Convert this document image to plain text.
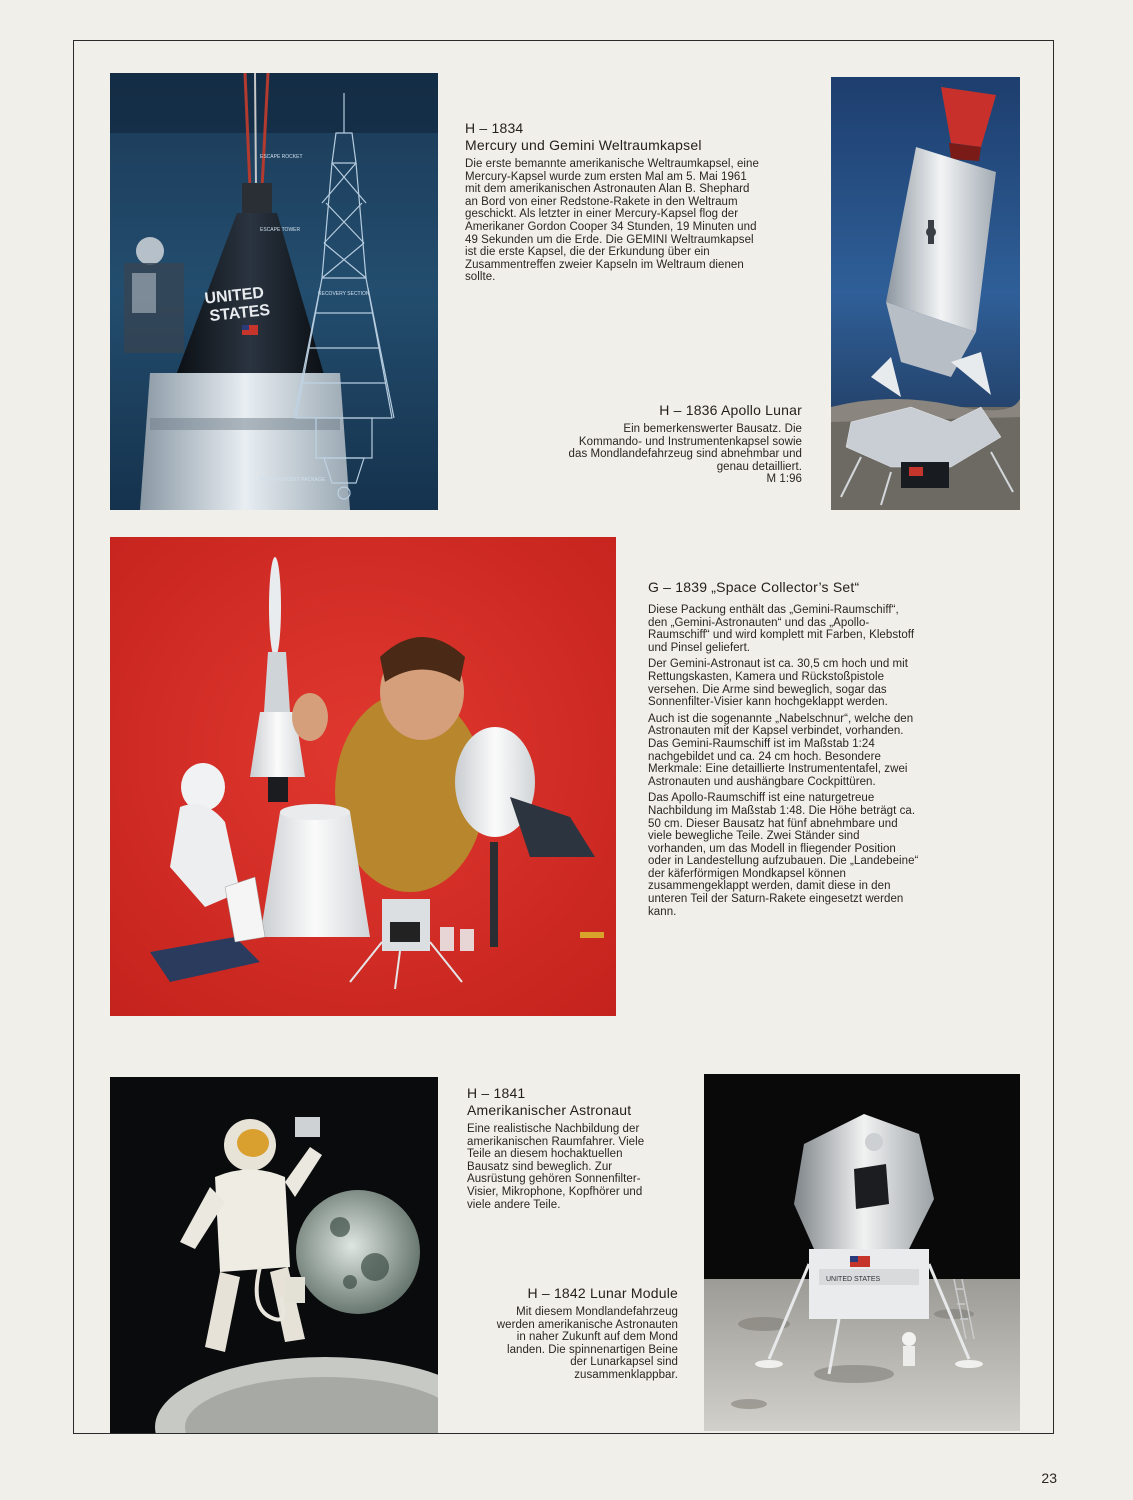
UNITED
STATES
ESCAPE ROCKET
ESCAPE TOWER
RECOVERY SECTION
RETRO-ROCKET PACKAGE

H – 1834

Mercury und Gemini Weltraumkapsel

Die erste bemannte amerikanische Weltraumkapsel, eine Mercury-Kapsel wurde zum ersten Mal am 5. Mai 1961 mit dem amerikanischen Astronauten Alan B. Shephard an Bord von einer Redstone-Rakete in den Weltraum geschickt. Als letzter in einer Mercury-Kapsel flog der Amerikaner Gordon Cooper 34 Stunden, 19 Minuten und 49 Sekunden um die Erde. Die GEMINI Weltraumkapsel ist die erste Kapsel, die der Erkundung über ein Zusammentreffen zweier Kapseln im Weltraum dienen sollte.

H – 1836 Apollo Lunar

Ein bemerkenswerter Bausatz. Die Kommando- und Instrumentenkapsel sowie das Mondlandefahrzeug sind abnehmbar und genau detailliert.
M 1:96

G – 1839 „Space Collector’s Set“

Diese Packung enthält das „Gemini-Raumschiff“, den „Gemini-Astronauten“ und das „Apollo-Raumschiff“ und wird komplett mit Farben, Klebstoff und Pinsel geliefert.

Der Gemini-Astronaut ist ca. 30,5 cm hoch und mit Rettungskasten, Kamera und Rückstoßpistole versehen. Die Arme sind beweglich, sogar das Sonnenfilter-Visier kann hochgeklappt werden.

Auch ist die sogenannte „Nabelschnur“, welche den Astronauten mit der Kapsel verbindet, vorhanden. Das Gemini-Raumschiff ist im Maßstab 1:24 nachgebildet und ca. 24 cm hoch. Besondere Merkmale: Eine detaillierte Instrumententafel, zwei Astronauten und aushängbare Cockpittüren.

Das Apollo-Raumschiff ist eine naturgetreue Nachbildung im Maßstab 1:48. Die Höhe beträgt ca. 50 cm. Dieser Bausatz hat fünf abnehmbare und viele bewegliche Teile. Zwei Ständer sind vorhanden, um das Modell in fliegender Position oder in Landestellung aufzubauen. Die „Landebeine“ der käferförmigen Mondkapsel können zusammengeklappt werden, damit diese in den unteren Teil der Saturn-Rakete eingesetzt werden kann.

H – 1841

Amerikanischer Astronaut

Eine realistische Nachbildung der amerikanischen Raumfahrer. Viele Teile an diesem hochaktuellen Bausatz sind beweglich. Zur Ausrüstung gehören Sonnenfilter-Visier, Mikrophone, Kopfhörer und viele andere Teile.

H – 1842 Lunar Module

Mit diesem Mondlandefahrzeug werden amerikanische Astronauten in naher Zukunft auf dem Mond landen. Die spinnenartigen Beine der Lunarkapsel sind zusammenklappbar.
UNITED STATES
23
